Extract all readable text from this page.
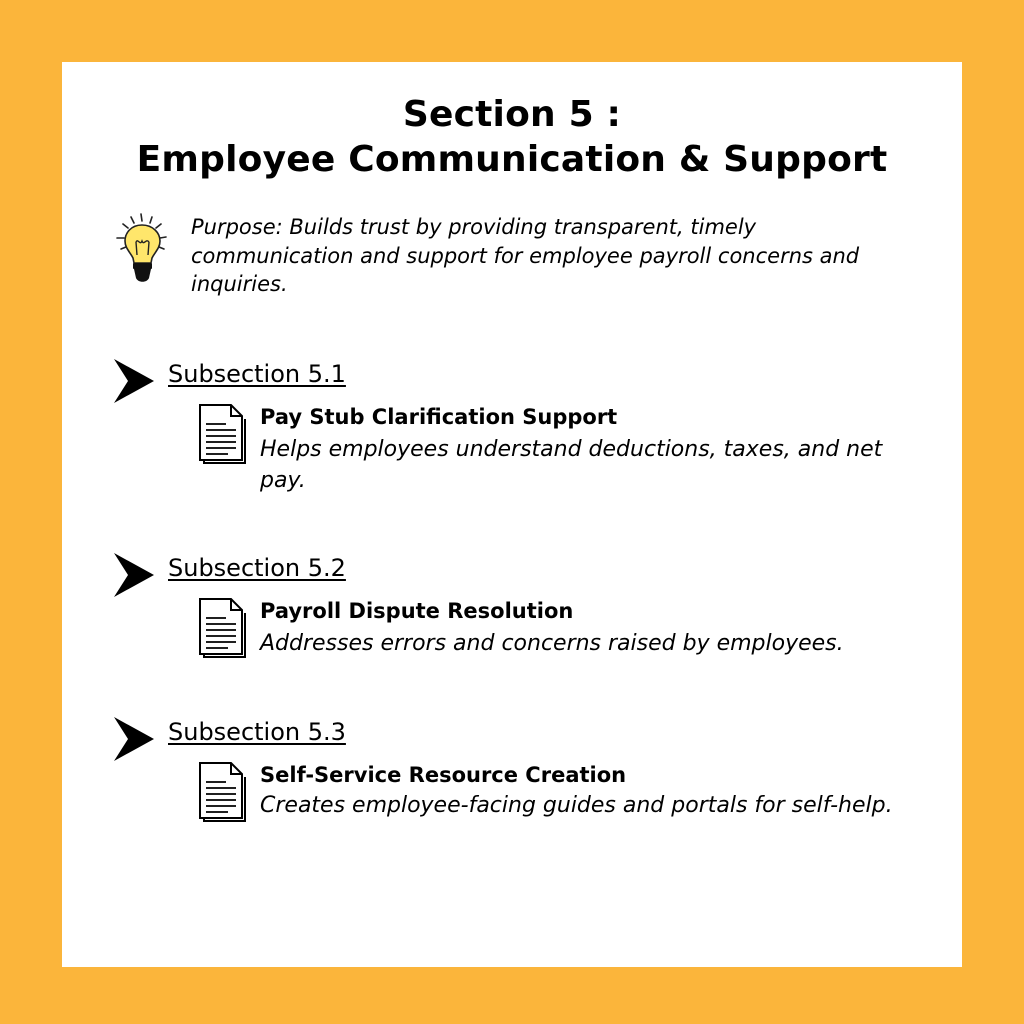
Section 5 :
Employee Communication & Support
Purpose: Builds trust by providing transparent, timely communication and support for employee payroll concerns and inquiries.
Subsection 5.1
Pay Stub Clarification Support
Helps employees understand deductions, taxes, and net pay.
Subsection 5.2
Payroll Dispute Resolution
Addresses errors and concerns raised by employees.
Subsection 5.3
Self-Service Resource Creation
Creates employee-facing guides and portals for self-help.
